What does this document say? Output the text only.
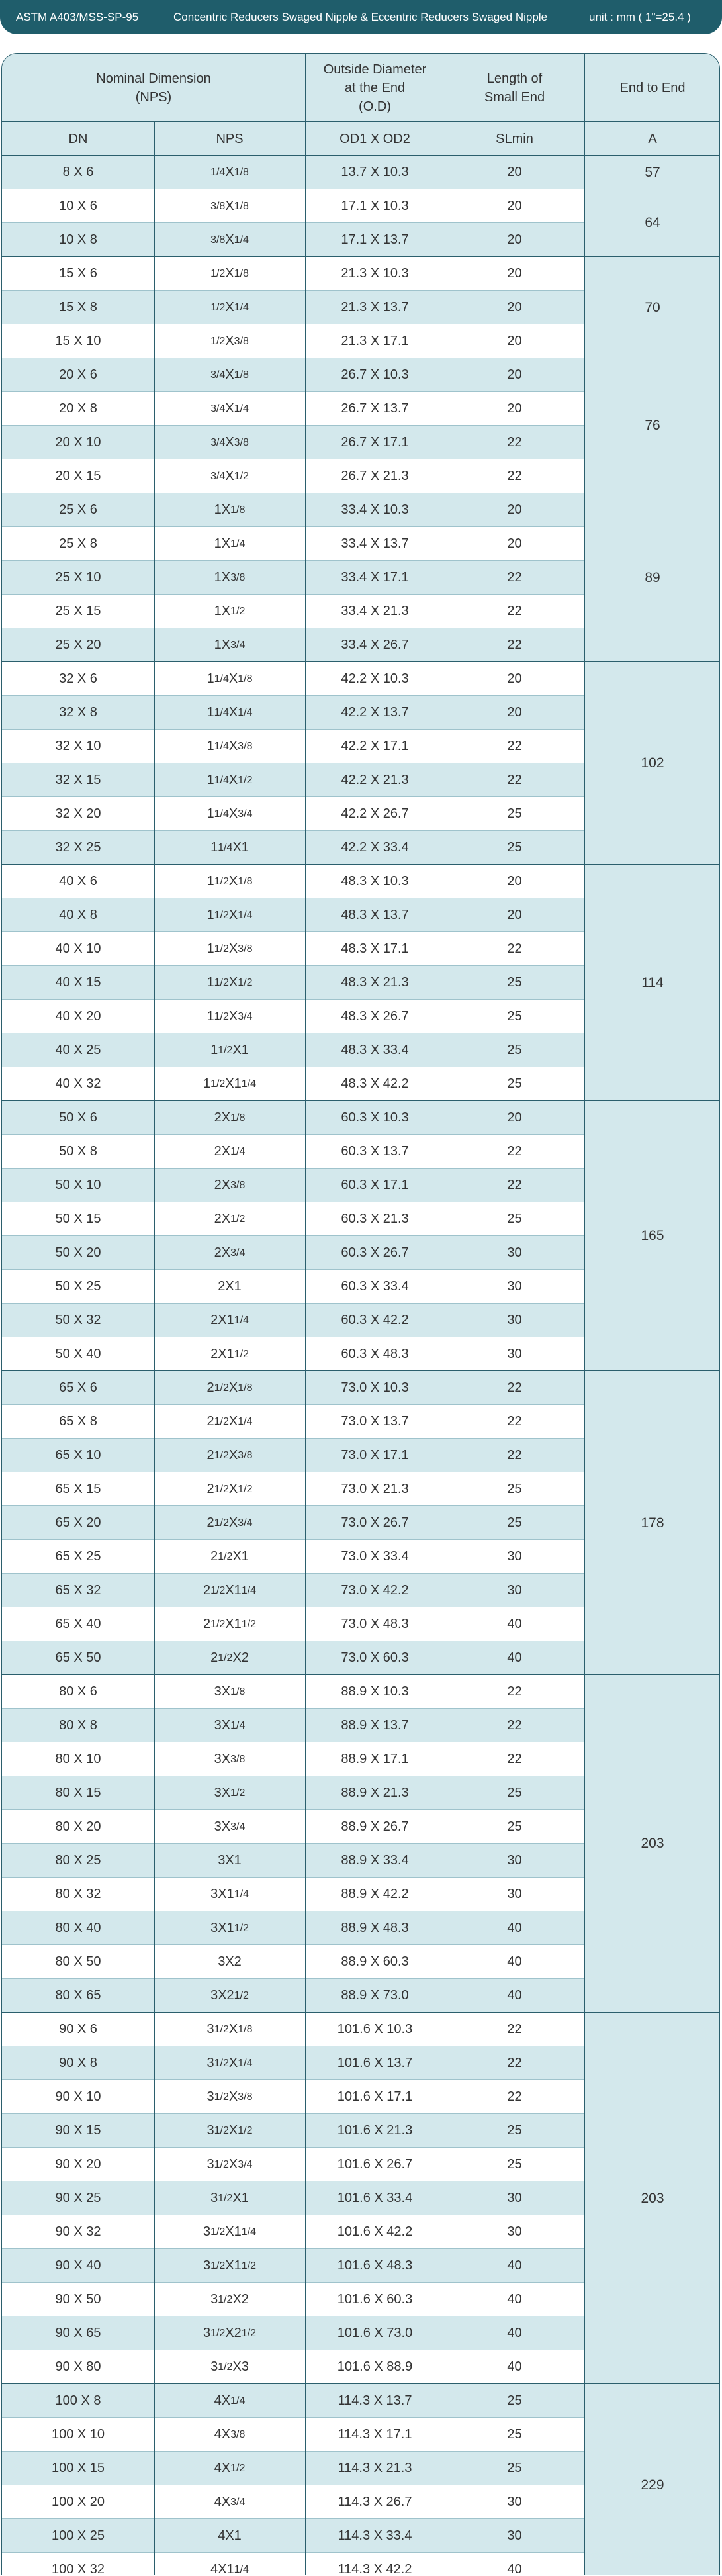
ASTM A403/MSS-SP-95	Concentric Reducers Swaged Nipple & Eccentric Reducers Swaged Nipple	unit : mm ( 1"=25.4 )
Nominal Dimension
(NPS)
Outside Diameter
at the End
(O.D)
Length of
Small End
End to End
DN	NPS	OD1 X OD2	SLmin	A
8 X 6	1/4 X 1/8	13.7 X 10.3	20	57
10 X 6	3/8 X 1/8	17.1 X 10.3	20
10 X 8	3/8 X 1/4	17.1 X 13.7	20
64
15 X 6	1/2 X 1/8	21.3 X 10.3	20
15 X 8	1/2 X 1/4	21.3 X 13.7	20
15 X 10	1/2 X 3/8	21.3 X 17.1	20
70
20 X 6	3/4 X 1/8	26.7 X 10.3	20
20 X 8	3/4 X 1/4	26.7 X 13.7	20
20 X 10	3/4 X 3/8	26.7 X 17.1	22
20 X 15	3/4 X 1/2	26.7 X 21.3	22
76
25 X 6	1 X 1/8	33.4 X 10.3	20
25 X 8	1 X 1/4	33.4 X 13.7	20
25 X 10	1 X 3/8	33.4 X 17.1	22
25 X 15	1 X 1/2	33.4 X 21.3	22
25 X 20	1 X 3/4	33.4 X 26.7	22
89
32 X 6	1 1/4 X 1/8	42.2 X 10.3	20
32 X 8	1 1/4 X 1/4	42.2 X 13.7	20
32 X 10	1 1/4 X 3/8	42.2 X 17.1	22
32 X 15	1 1/4 X 1/2	42.2 X 21.3	22
32 X 20	1 1/4 X 3/4	42.2 X 26.7	25
32 X 25	1 1/4 X 1	42.2 X 33.4	25
102
40 X 6	1 1/2 X 1/8	48.3 X 10.3	20
40 X 8	1 1/2 X 1/4	48.3 X 13.7	20
40 X 10	1 1/2 X 3/8	48.3 X 17.1	22
40 X 15	1 1/2 X 1/2	48.3 X 21.3	25
40 X 20	1 1/2 X 3/4	48.3 X 26.7	25
40 X 25	1 1/2 X 1	48.3 X 33.4	25
40 X 32	1 1/2 X 1 1/4	48.3 X 42.2	25
114
50 X 6	2 X 1/8	60.3 X 10.3	20
50 X 8	2 X 1/4	60.3 X 13.7	22
50 X 10	2 X 3/8	60.3 X 17.1	22
50 X 15	2 X 1/2	60.3 X 21.3	25
50 X 20	2 X 3/4	60.3 X 26.7	30
50 X 25	2 X 1	60.3 X 33.4	30
50 X 32	2 X 1 1/4	60.3 X 42.2	30
50 X 40	2 X 1 1/2	60.3 X 48.3	30
165
65 X 6	2 1/2 X 1/8	73.0 X 10.3	22
65 X 8	2 1/2 X 1/4	73.0 X 13.7	22
65 X 10	2 1/2 X 3/8	73.0 X 17.1	22
65 X 15	2 1/2 X 1/2	73.0 X 21.3	25
65 X 20	2 1/2 X 3/4	73.0 X 26.7	25
65 X 25	2 1/2 X 1	73.0 X 33.4	30
65 X 32	2 1/2 X 1 1/4	73.0 X 42.2	30
65 X 40	2 1/2 X 1 1/2	73.0 X 48.3	40
65 X 50	2 1/2 X 2	73.0 X 60.3	40
178
80 X 6	3 X 1/8	88.9 X 10.3	22
80 X 8	3 X 1/4	88.9 X 13.7	22
80 X 10	3 X 3/8	88.9 X 17.1	22
80 X 15	3 X 1/2	88.9 X 21.3	25
80 X 20	3 X 3/4	88.9 X 26.7	25
80 X 25	3 X 1	88.9 X 33.4	30
80 X 32	3 X 1 1/4	88.9 X 42.2	30
80 X 40	3 X 1 1/2	88.9 X 48.3	40
80 X 50	3 X 2	88.9 X 60.3	40
80 X 65	3 X 2 1/2	88.9 X 73.0	40
203
90 X 6	3 1/2 X 1/8	101.6 X 10.3	22
90 X 8	3 1/2 X 1/4	101.6 X 13.7	22
90 X 10	3 1/2 X 3/8	101.6 X 17.1	22
90 X 15	3 1/2 X 1/2	101.6 X 21.3	25
90 X 20	3 1/2 X 3/4	101.6 X 26.7	25
90 X 25	3 1/2 X 1	101.6 X 33.4	30
90 X 32	3 1/2 X 1 1/4	101.6 X 42.2	30
90 X 40	3 1/2 X 1 1/2	101.6 X 48.3	40
90 X 50	3 1/2 X 2	101.6 X 60.3	40
90 X 65	3 1/2 X 2 1/2	101.6 X 73.0	40
90 X 80	3 1/2 X 3	101.6 X 88.9	40
203
100 X 8	4 X 1/4	114.3 X 13.7	25
100 X 10	4 X 3/8	114.3 X 17.1	25
100 X 15	4 X 1/2	114.3 X 21.3	25
100 X 20	4 X 3/4	114.3 X 26.7	30
100 X 25	4 X 1	114.3 X 33.4	30
100 X 32	4 X 1 1/4	114.3 X 42.2	40
229
